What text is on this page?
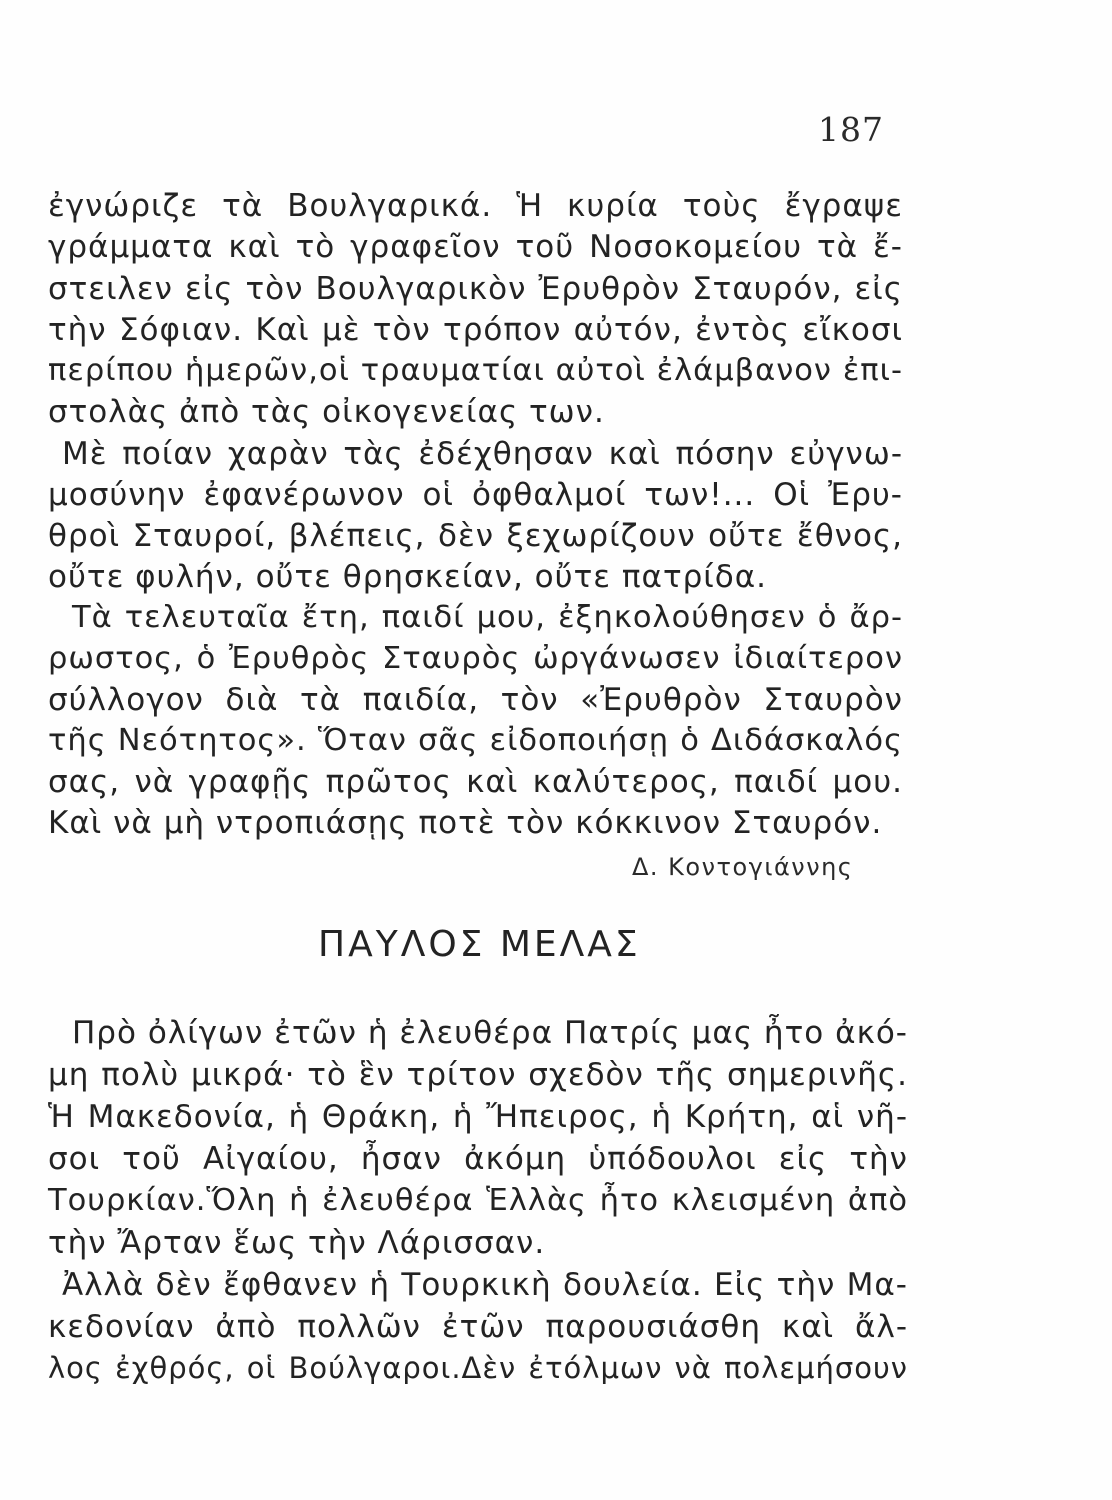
187
ἐγνώριζε τὰ Βουλγαρικά. Ἡ κυρία τοὺς ἔγραψε
γράμματα καὶ τὸ γραφεῖον τοῦ Νοσοκομείου τὰ ἔ-
στειλεν εἰς τὸν Βουλγαρικὸν Ἐρυθρὸν Σταυρόν, εἰς
τὴν Σόφιαν. Καὶ μὲ τὸν τρόπον αὐτόν, ἐντὸς εἴκοσι
περίπου ἡμερῶν,οἱ τραυματίαι αὐτοὶ ἐλάμβανον ἐπι-
στολὰς ἀπὸ τὰς οἰκογενείας των.
Μὲ ποίαν χαρὰν τὰς ἐδέχθησαν καὶ πόσην εὐγνω-
μοσύνην ἐφανέρωνον οἱ ὀφθαλμοί των!... Οἱ Ἐρυ-
θροὶ Σταυροί, βλέπεις, δὲν ξεχωρίζουν οὔτε ἔθνος,
οὔτε φυλήν, οὔτε θρησκείαν, οὔτε πατρίδα.
Τὰ τελευταῖα ἔτη, παιδί μου, ἐξηκολούθησεν ὁ ἄρ-
ρωστος, ὁ Ἐρυθρὸς Σταυρὸς ὠργάνωσεν ἰδιαίτερον
σύλλογον διὰ τὰ παιδία, τὸν «Ἐρυθρὸν Σταυρὸν
τῆς Νεότητος». Ὅταν σᾶς εἰδοποιήσῃ ὁ Διδάσκαλός
σας, νὰ γραφῇς πρῶτος καὶ καλύτερος, παιδί μου.
Καὶ νὰ μὴ ντροπιάσῃς ποτὲ τὸν κόκκινον Σταυρόν.
Δ. Κοντογιάννης
ΠΑΥΛΟΣ ΜΕΛΑΣ
Πρὸ ὀλίγων ἐτῶν ἡ ἐλευθέρα Πατρίς μας ἦτο ἀκό-
μη πολὺ μικρά· τὸ ἓν τρίτον σχεδὸν τῆς σημερινῆς.
Ἡ Μακεδονία, ἡ Θράκη, ἡ Ἤπειρος, ἡ Κρήτη, αἱ νῆ-
σοι τοῦ Αἰγαίου, ἦσαν ἀκόμη ὑπόδουλοι εἰς τὴν
Τουρκίαν.Ὅλη ἡ ἐλευθέρα Ἑλλὰς ἦτο κλεισμένη ἀπὸ
τὴν Ἄρταν ἕως τὴν Λάρισσαν.
Ἀλλὰ δὲν ἔφθανεν ἡ Τουρκικὴ δουλεία. Εἰς τὴν Μα-
κεδονίαν ἀπὸ πολλῶν ἐτῶν παρουσιάσθη καὶ ἄλ-
λος ἐχθρός, οἱ Βούλγαροι.Δὲν ἐτόλμων νὰ πολεμήσουν
